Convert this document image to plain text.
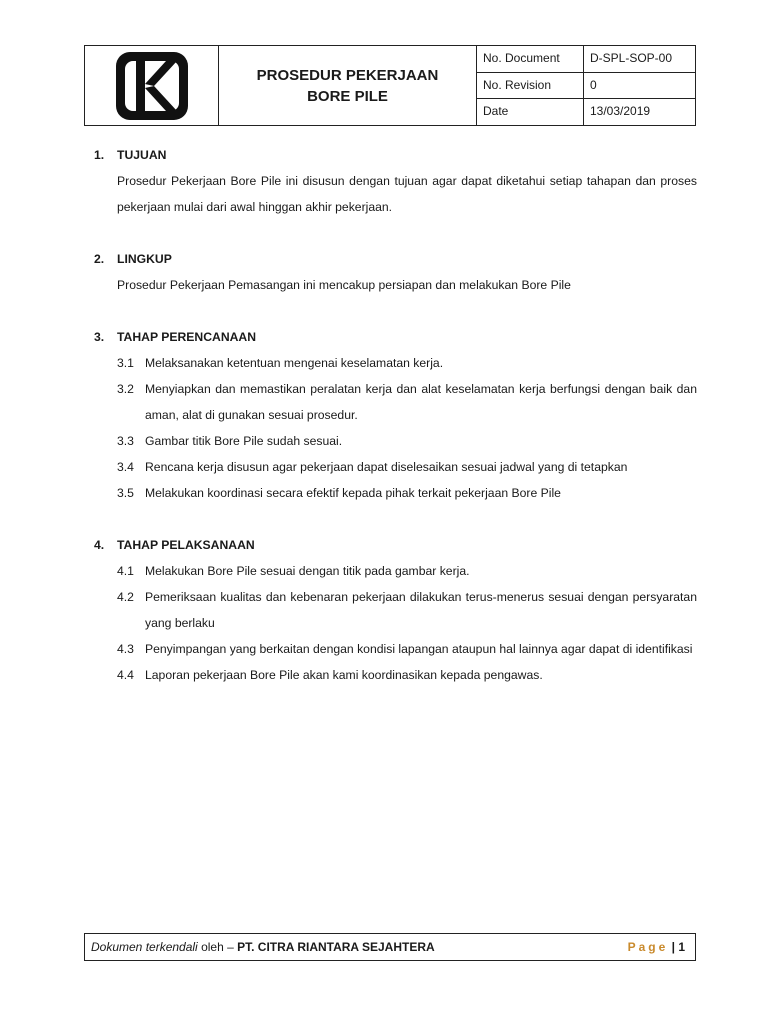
PROSEDUR PEKERJAAN
BORE PILE
No. Document	D-SPL-SOP-00
No. Revision	0
Date	13/03/2019
1.	TUJUAN
Prosedur Pekerjaan Bore Pile ini disusun dengan tujuan agar dapat diketahui setiap tahapan dan proses pekerjaan mulai dari awal hinggan akhir pekerjaan.
2.	LINGKUP
Prosedur Pekerjaan Pemasangan ini mencakup persiapan dan melakukan Bore Pile
3.	TAHAP PERENCANAAN
3.1 Melaksanakan ketentuan mengenai keselamatan kerja.
3.2 Menyiapkan dan memastikan peralatan kerja dan alat keselamatan kerja berfungsi dengan baik dan aman, alat di gunakan sesuai prosedur.
3.3 Gambar titik Bore Pile sudah sesuai.
3.4 Rencana kerja disusun agar pekerjaan dapat diselesaikan sesuai jadwal yang di tetapkan
3.5 Melakukan koordinasi secara efektif kepada pihak terkait pekerjaan Bore Pile
4.	TAHAP PELAKSANAAN
4.1 Melakukan Bore Pile sesuai dengan titik pada gambar kerja.
4.2 Pemeriksaan kualitas dan kebenaran pekerjaan dilakukan terus-menerus sesuai dengan persyaratan yang berlaku
4.3 Penyimpangan yang berkaitan dengan kondisi lapangan ataupun hal lainnya agar dapat di identifikasi
4.4 Laporan pekerjaan Bore Pile akan kami koordinasikan kepada pengawas.
Dokumen terkendali oleh – PT. CITRA RIANTARA SEJAHTERA	Page | 1
